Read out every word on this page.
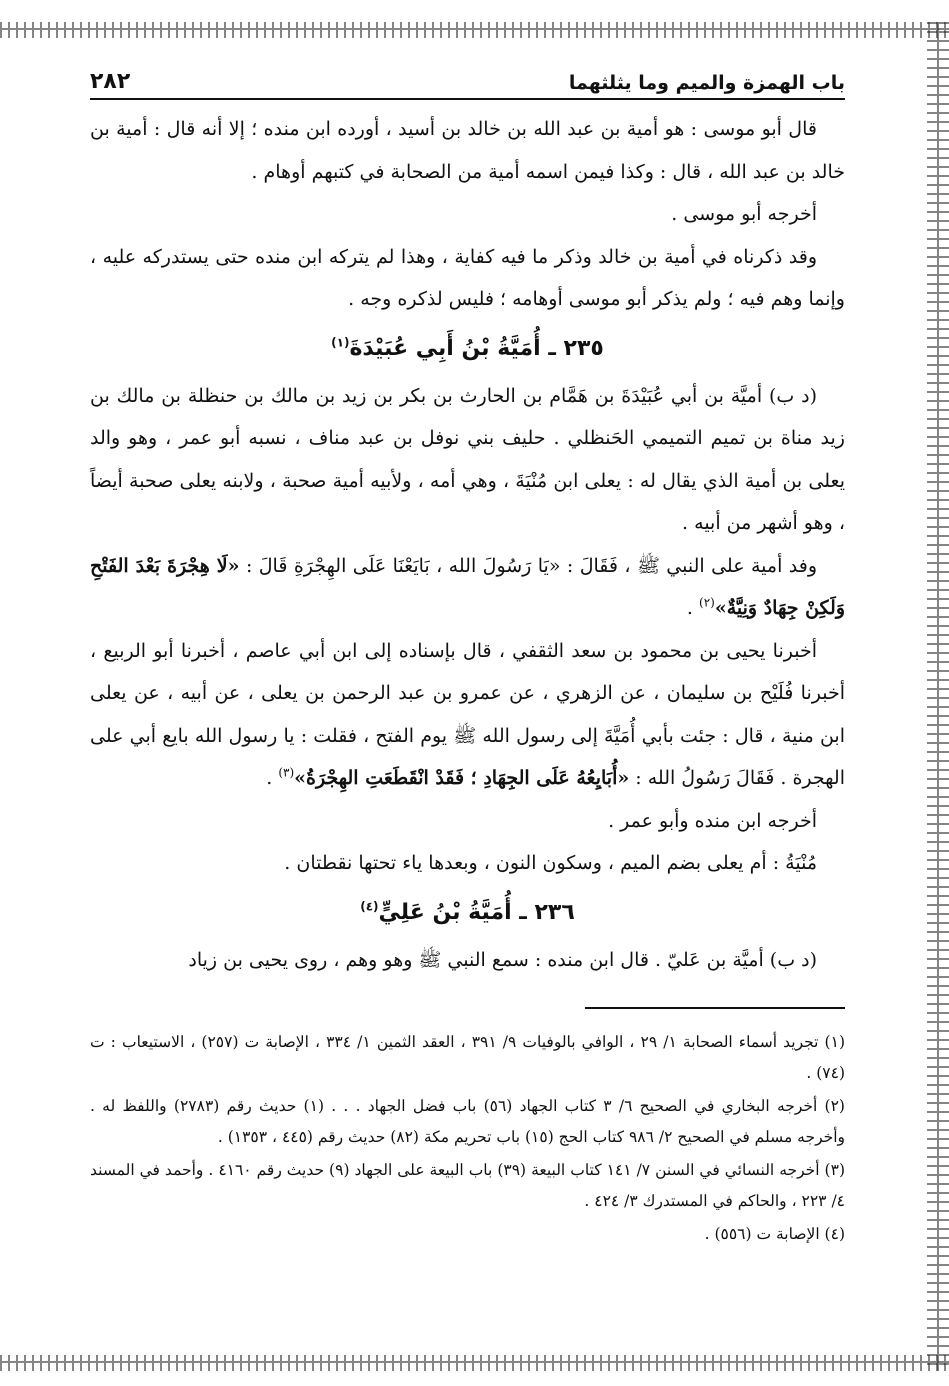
باب الهمزة والميم وما يثلثهما
٢٨٢

قال أبو موسى : هو أمية بن عبد الله بن خالد بن أسيد ، أورده ابن منده ؛ إلا أنه قال : أمية بن خالد بن عبد الله ، قال : وكذا فيمن اسمه أمية من الصحابة في كتبهم أوهام .

أخرجه أبو موسى .

وقد ذكرناه في أمية بن خالد وذكر ما فيه كفاية ، وهذا لم يتركه ابن منده حتى يستدركه عليه ، وإنما وهم فيه ؛ ولم يذكر أبو موسى أوهامه ؛ فليس لذكره وجه .

٢٣٥ ـ أُمَيَّةُ بْنُ أَبِي عُبَيْدَةَ$^{(١)}$

(د ب) أميَّة بن أبي عُبَيْدَةَ بن هَمَّام بن الحارث بن بكر بن زيد بن مالك بن حنظلة بن مالك بن زيد مناة بن تميم التميمي الحَنظلي . حليف بني نوفل بن عبد مناف ، نسبه أبو عمر ، وهو والد يعلى بن أمية الذي يقال له : يعلى ابن مُنْيَةَ ، وهي أمه ، ولأبيه أمية صحبة ، ولابنه يعلى صحبة أيضاً ، وهو أشهر من أبيه .

وفد أمية على النبي ﷺ ، فَقَالَ : «يَا رَسُولَ الله ، بَايَعْنَا عَلَى الهِجْرَةِ قَالَ : «لَا هِجْرَةَ بَعْدَ الفَتْحِ وَلَكِنْ جِهَادٌ وَنِيَّةٌ»$^{(٢)}$ .

أخبرنا يحيى بن محمود بن سعد الثقفي ، قال بإسناده إلى ابن أبي عاصم ، أخبرنا أبو الربيع ، أخبرنا فُلَيْح بن سليمان ، عن الزهري ، عن عمرو بن عبد الرحمن بن يعلى ، عن أبيه ، عن يعلى ابن منية ، قال : جئت بأبي أُمَيَّةَ إلى رسول الله ﷺ يوم الفتح ، فقلت : يا رسول الله بايع أبي على الهجرة . فَقَالَ رَسُولُ الله : «أُبَايِعُهُ عَلَى الجِهَادِ ؛ فَقَدْ انْقَطَعَتِ الهِجْرَةُ»$^{(٣)}$ .

أخرجه ابن منده وأبو عمر .

مُنْيَةُ : أم يعلى بضم الميم ، وسكون النون ، وبعدها ياء تحتها نقطتان .

٢٣٦ ـ أُمَيَّةُ بْنُ عَلِيٍّ$^{(٤)}$

(د ب) أميَّة بن عَليّ . قال ابن منده : سمع النبي ﷺ وهو وهم ، روى يحيى بن زياد

(١) تجريد أسماء الصحابة ١/ ٢٩ ، الوافي بالوفيات ٩/ ٣٩١ ، العقد الثمين ١/ ٣٣٤ ، الإصابة ت (٢٥٧) ، الاستيعاب : ت (٧٤) .

(٢) أخرجه البخاري في الصحيح ٦/ ٣ كتاب الجهاد (٥٦) باب فضل الجهاد . . . (١) حديث رقم (٢٧٨٣) واللفظ له . وأخرجه مسلم في الصحيح ٢/ ٩٨٦ كتاب الحج (١٥) باب تحريم مكة (٨٢) حديث رقم (٤٤٥ ، ١٣٥٣) .

(٣) أخرجه النسائي في السنن ٧/ ١٤١ كتاب البيعة (٣٩) باب البيعة على الجهاد (٩) حديث رقم ٤١٦٠ . وأحمد في المسند ٤/ ٢٢٣ ، والحاكم في المستدرك ٣/ ٤٢٤ .

(٤) الإصابة ت (٥٥٦) .
